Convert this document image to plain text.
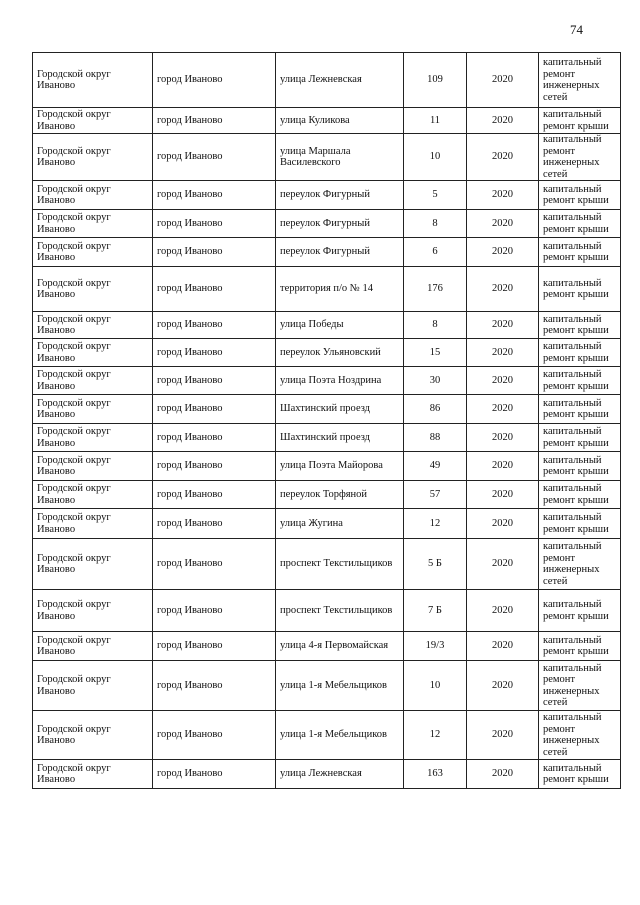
74
Городской округ Иваново	город Иваново	улица Лежневская	109	2020	капитальный ремонт инженерных сетей
Городской округ Иваново	город Иваново	улица Куликова	11	2020	капитальный ремонт крыши
Городской округ Иваново	город Иваново	улица Маршала Василевского	10	2020	капитальный ремонт инженерных сетей
Городской округ Иваново	город Иваново	переулок Фигурный	5	2020	капитальный ремонт крыши
Городской округ Иваново	город Иваново	переулок Фигурный	8	2020	капитальный ремонт крыши
Городской округ Иваново	город Иваново	переулок Фигурный	6	2020	капитальный ремонт крыши
Городской округ Иваново	город Иваново	территория п/о № 14	176	2020	капитальный ремонт крыши
Городской округ Иваново	город Иваново	улица Победы	8	2020	капитальный ремонт крыши
Городской округ Иваново	город Иваново	переулок Ульяновский	15	2020	капитальный ремонт крыши
Городской округ Иваново	город Иваново	улица Поэта Ноздрина	30	2020	капитальный ремонт крыши
Городской округ Иваново	город Иваново	Шахтинский проезд	86	2020	капитальный ремонт крыши
Городской округ Иваново	город Иваново	Шахтинский проезд	88	2020	капитальный ремонт крыши
Городской округ Иваново	город Иваново	улица Поэта Майорова	49	2020	капитальный ремонт крыши
Городской округ Иваново	город Иваново	переулок Торфяной	57	2020	капитальный ремонт крыши
Городской округ Иваново	город Иваново	улица Жугина	12	2020	капитальный ремонт крыши
Городской округ Иваново	город Иваново	проспект Текстильщиков	5 Б	2020	капитальный ремонт инженерных сетей
Городской округ Иваново	город Иваново	проспект Текстильщиков	7 Б	2020	капитальный ремонт крыши
Городской округ Иваново	город Иваново	улица 4-я Первомайская	19/3	2020	капитальный ремонт крыши
Городской округ Иваново	город Иваново	улица 1-я Мебельщиков	10	2020	капитальный ремонт инженерных сетей
Городской округ Иваново	город Иваново	улица 1-я Мебельщиков	12	2020	капитальный ремонт инженерных сетей
Городской округ Иваново	город Иваново	улица Лежневская	163	2020	капитальный ремонт крыши
